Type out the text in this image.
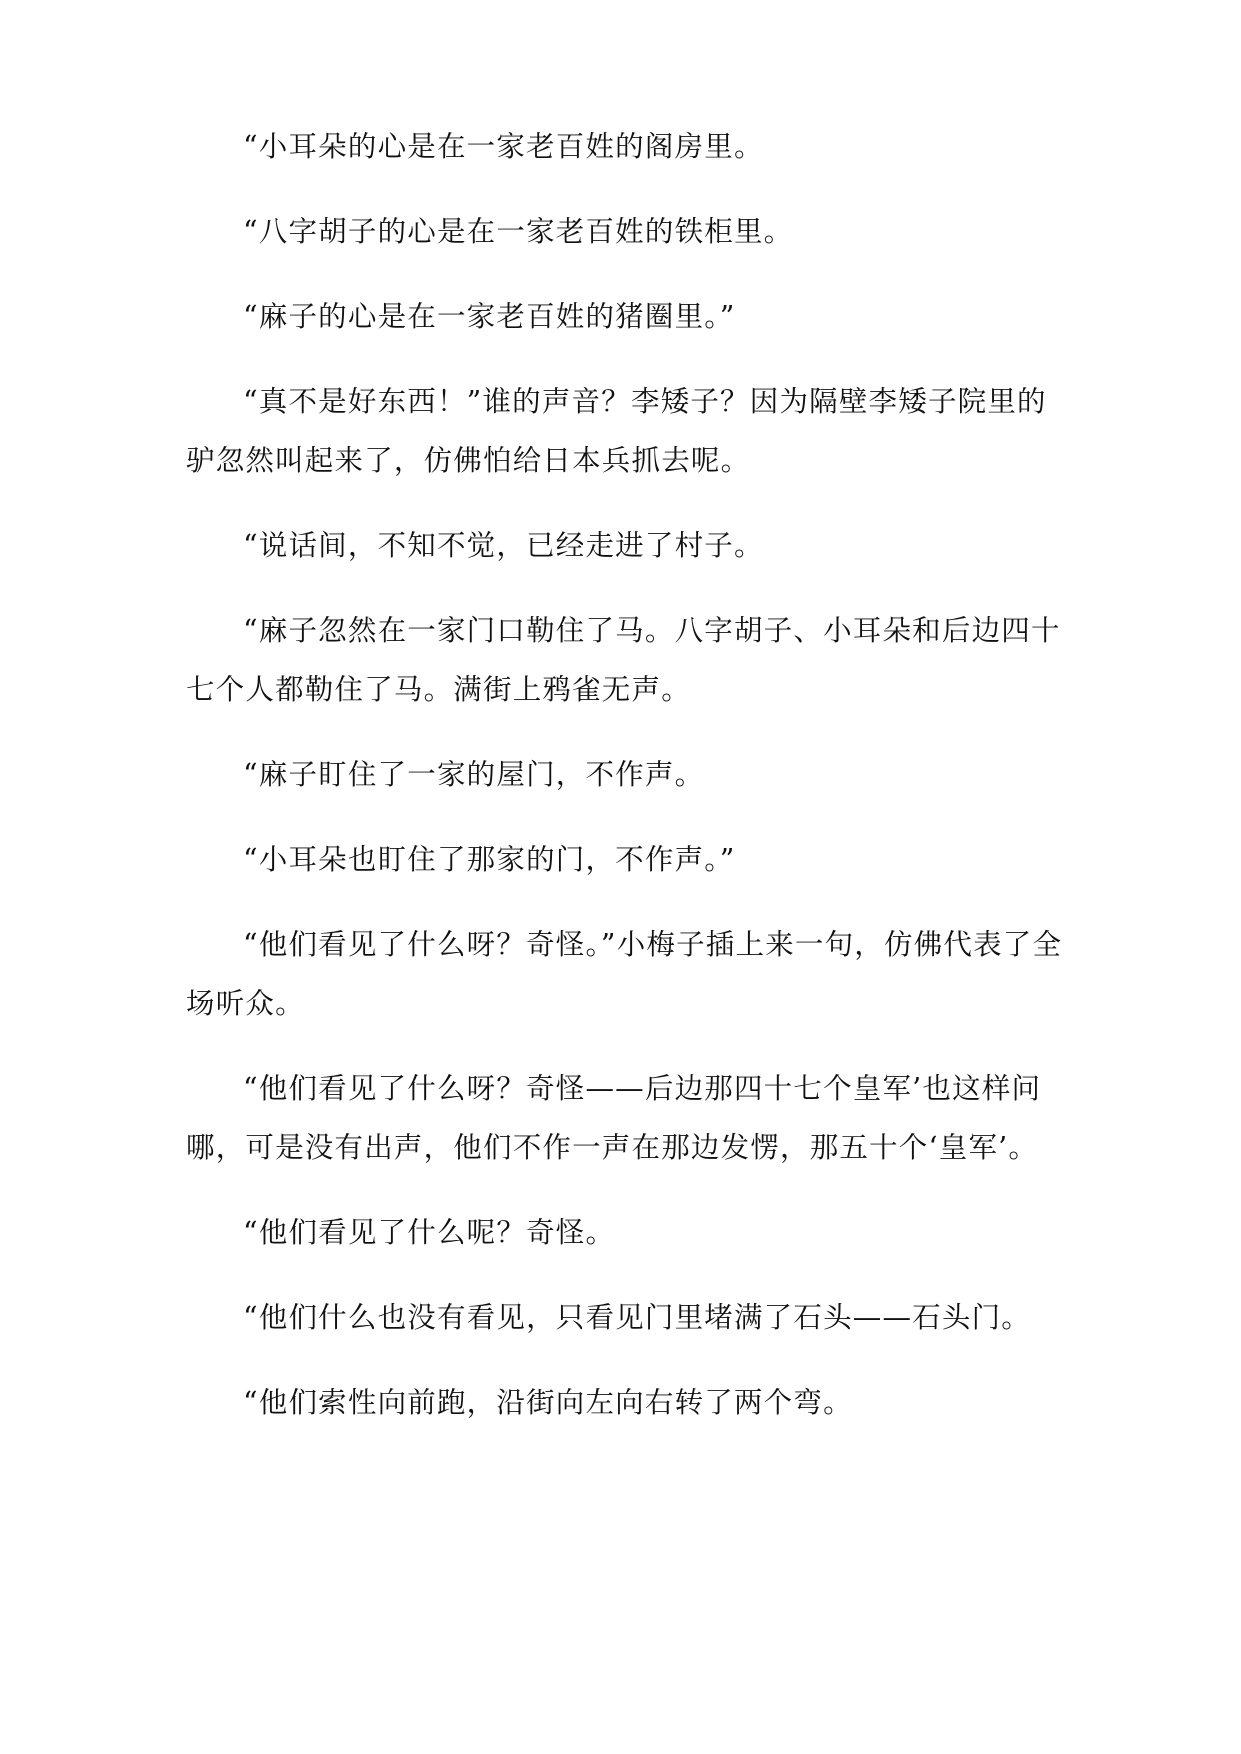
“小耳朵的心是在一家老百姓的阁房里。

“八字胡子的心是在一家老百姓的铁柜里。

“麻子的心是在一家老百姓的猪圈里。”

“真不是好东西！”谁的声音？李矮子？因为隔壁李矮子院里的驴忽然叫起来了，仿佛怕给日本兵抓去呢。

“说话间，不知不觉，已经走进了村子。

“麻子忽然在一家门口勒住了马。八字胡子、小耳朵和后边四十七个人都勒住了马。满街上鸦雀无声。

“麻子盯住了一家的屋门，不作声。

“小耳朵也盯住了那家的门，不作声。”

“他们看见了什么呀？奇怪。”小梅子插上来一句，仿佛代表了全场听众。

“他们看见了什么呀？奇怪——后边那四十七个皇军’也这样问哪，可是没有出声，他们不作一声在那边发愣，那五十个‘皇军’。

“他们看见了什么呢？奇怪。

“他们什么也没有看见，只看见门里堵满了石头——石头门。

“他们索性向前跑，沿街向左向右转了两个弯。
